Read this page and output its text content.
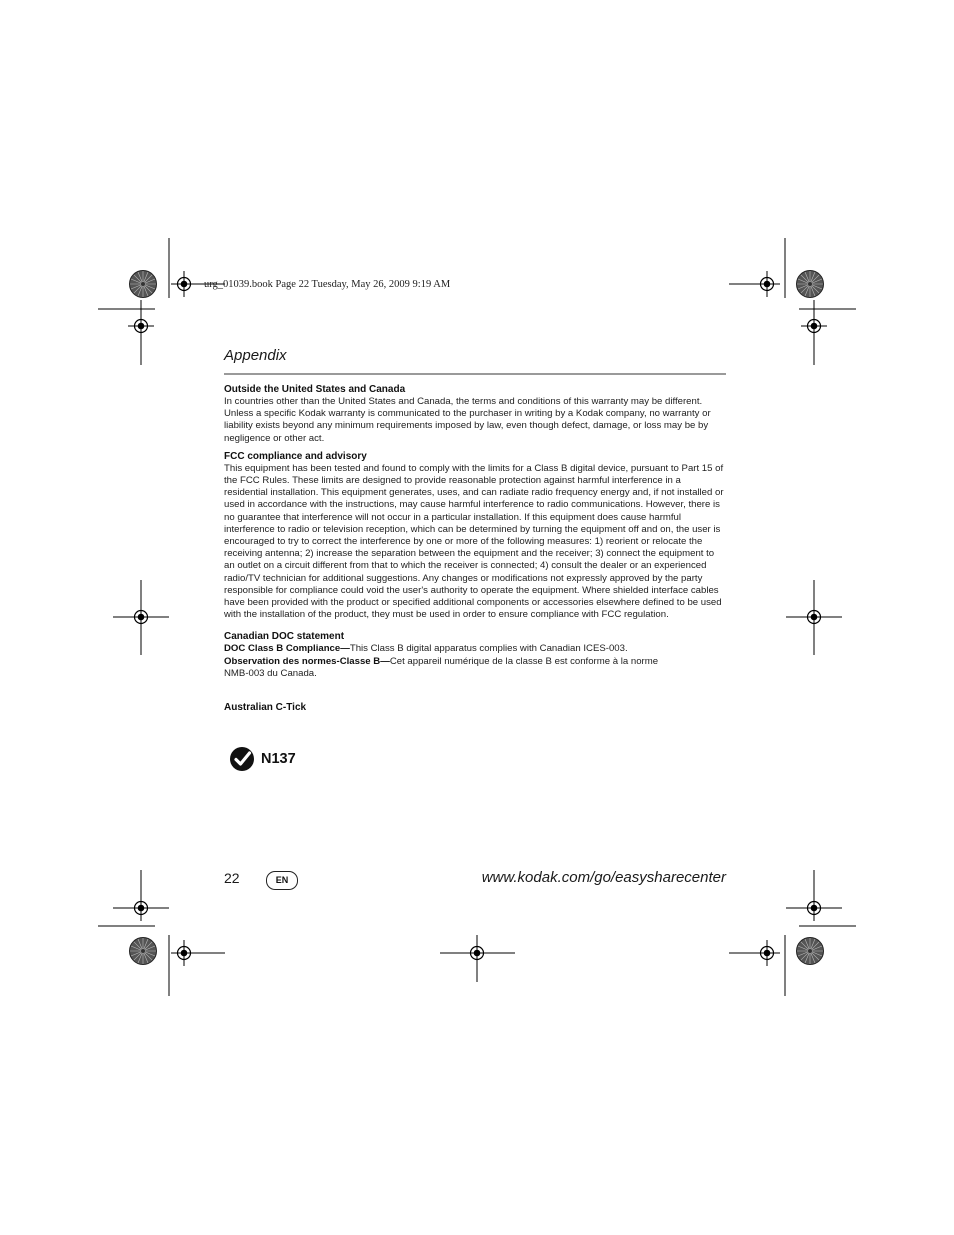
urg_01039.book Page 22 Tuesday, May 26, 2009 9:19 AM
Appendix
Outside the United States and Canada

In countries other than the United States and Canada, the terms and conditions of this warranty may be different. Unless a specific Kodak warranty is communicated to the purchaser in writing by a Kodak company, no warranty or liability exists beyond any minimum requirements imposed by law, even though defect, damage, or loss may be by negligence or other act.

FCC compliance and advisory

This equipment has been tested and found to comply with the limits for a Class B digital device, pursuant to Part 15 of the FCC Rules. These limits are designed to provide reasonable protection against harmful interference in a residential installation. This equipment generates, uses, and can radiate radio frequency energy and, if not installed or used in accordance with the instructions, may cause harmful interference to radio communications. However, there is no guarantee that interference will not occur in a particular installation. If this equipment does cause harmful interference to radio or television reception, which can be determined by turning the equipment off and on, the user is encouraged to try to correct the interference by one or more of the following measures: 1) reorient or relocate the receiving antenna; 2) increase the separation between the equipment and the receiver; 3) connect the equipment to an outlet on a circuit different from that to which the receiver is connected; 4) consult the dealer or an experienced radio/TV technician for additional suggestions. Any changes or modifications not expressly approved by the party responsible for compliance could void the user's authority to operate the equipment. Where shielded interface cables have been provided with the product or specified additional components or accessories elsewhere defined to be used with the installation of the product, they must be used in order to ensure compliance with FCC regulation.

Canadian DOC statement

DOC Class B Compliance—This Class B digital apparatus complies with Canadian ICES-003.

Observation des normes-Classe B—Cet appareil numérique de la classe B est conforme à la norme

NMB-003 du Canada.

Australian C-Tick
N137
22	EN	www.kodak.com/go/easysharecenter
